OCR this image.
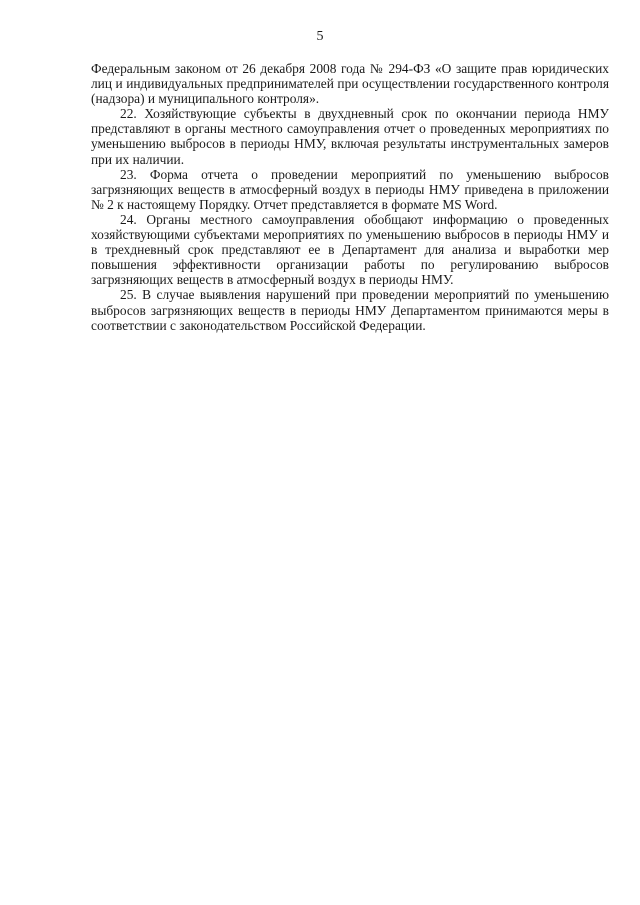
5

Федеральным законом от 26 декабря 2008 года № 294-ФЗ «О защите прав юридических лиц и индивидуальных предпринимателей при осуществлении государственного контроля (надзора) и муниципального контроля».

22. Хозяйствующие субъекты в двухдневный срок по окончании периода НМУ представляют в органы местного самоуправления отчет о проведенных мероприятиях по уменьшению выбросов в периоды НМУ, включая результаты инструментальных замеров при их наличии.

23. Форма отчета о проведении мероприятий по уменьшению выбросов загрязняющих веществ в атмосферный воздух в периоды НМУ приведена в приложении № 2 к настоящему Порядку. Отчет представляется в формате MS Word.

24. Органы местного самоуправления обобщают информацию о проведенных хозяйствующими субъектами мероприятиях по уменьшению выбросов в периоды НМУ и в трехдневный срок представляют ее в Департамент для анализа и выработки мер повышения эффективности организации работы по регулированию выбросов загрязняющих веществ в атмосферный воздух в периоды НМУ.

25. В случае выявления нарушений при проведении мероприятий по уменьшению выбросов загрязняющих веществ в периоды НМУ Департаментом принимаются меры в соответствии с законодательством Российской Федерации.
